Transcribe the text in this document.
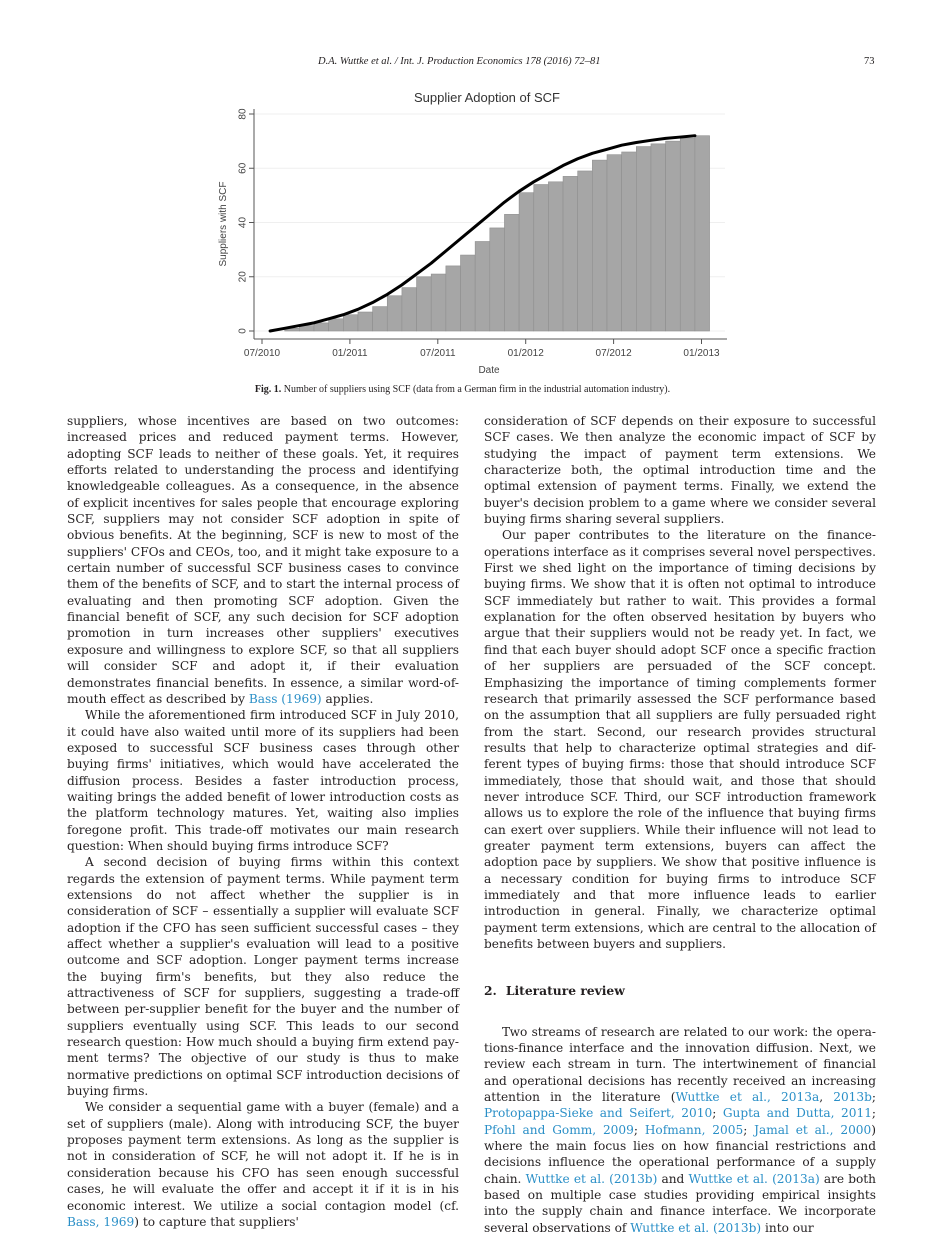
D.A. Wuttke et al. / Int. J. Production Economics 178 (2016) 72–81	73
0
20
40
60
80
07/2010	01/2011	07/2011	01/2012	07/2012	01/2013
Supplier Adoption of SCF
Date
Suppliers with SCF
Fig. 1. Number of suppliers using SCF (data from a German firm in the industrial automation industry).

suppliers, whose incentives are based on two outcomes: increased prices and reduced payment terms. However, adopting SCF leads to neither of these goals. Yet, it requires efforts related to understanding the process and identifying knowledgeable colleagues. As a consequence, in the absence of explicit incentives for sales people that encourage exploring SCF, suppliers may not consider SCF adoption in spite of obvious benefits. At the beginning, SCF is new to most of the suppliers' CFOs and CEOs, too, and it might take exposure to a certain number of successful SCF business cases to convince them of the benefits of SCF, and to start the internal process of evaluating and then promoting SCF adoption. Given the financial benefit of SCF, any such decision for SCF adoption promotion in turn increases other suppliers' executives exposure and willingness to explore SCF, so that all suppliers will consider SCF and adopt it, if their evaluation demonstrates financial benefits. In essence, a similar word-of-mouth effect as described by Bass (1969) applies.

While the aforementioned firm introduced SCF in July 2010, it could have also waited until more of its suppliers had been exposed to successful SCF business cases through other buying firms' initiatives, which would have accelerated the diffusion process. Besides a faster introduction process, waiting brings the added benefit of lower introduction costs as the platform technology matures. Yet, waiting also implies foregone profit. This trade-off motivates our main research question: When should buying firms introduce SCF?

A second decision of buying firms within this context regards the extension of payment terms. While payment term extensions do not affect whether the supplier is in consideration of SCF – essentially a supplier will evaluate SCF adoption if the CFO has seen sufficient successful cases – they affect whether a supplier's evaluation will lead to a positive outcome and SCF adoption. Longer payment terms increase the buying firm's benefits, but they also reduce the attractiveness of SCF for suppliers, suggesting a trade-off between per-supplier benefit for the buyer and the number of suppliers eventually using SCF. This leads to our second research question: How much should a buying firm extend payment terms? The objective of our study is thus to make normative predictions on optimal SCF introduction decisions of buying firms.

We consider a sequential game with a buyer (female) and a set of suppliers (male). Along with introducing SCF, the buyer proposes payment term extensions. As long as the supplier is not in consideration of SCF, he will not adopt it. If he is in consideration because his CFO has seen enough successful cases, he will evaluate the offer and accept it if it is in his economic interest. We utilize a social contagion model (cf. Bass, 1969) to capture that suppliers'

consideration of SCF depends on their exposure to successful SCF cases. We then analyze the economic impact of SCF by studying the impact of payment term extensions. We characterize both, the optimal introduction time and the optimal extension of payment terms. Finally, we extend the buyer's decision problem to a game where we consider several buying firms sharing several suppliers.

Our paper contributes to the literature on the finance-operations interface as it comprises several novel perspectives. First we shed light on the importance of timing decisions by buying firms. We show that it is often not optimal to introduce SCF immediately but rather to wait. This provides a formal explanation for the often observed hesitation by buyers who argue that their suppliers would not be ready yet. In fact, we find that each buyer should adopt SCF once a specific fraction of her suppliers are persuaded of the SCF concept. Emphasizing the importance of timing complements former research that primarily assessed the SCF performance based on the assumption that all suppliers are fully persuaded right from the start. Second, our research provides structural results that help to characterize optimal strategies and different types of buying firms: those that should introduce SCF immediately, those that should wait, and those that should never introduce SCF. Third, our SCF introduction framework allows us to explore the role of the influence that buying firms can exert over suppliers. While their influence will not lead to greater payment term extensions, buyers can affect the adoption pace by suppliers. We show that positive influence is a necessary condition for buying firms to introduce SCF immediately and that more influence leads to earlier introduction in general. Finally, we characterize optimal payment term extensions, which are central to the allocation of benefits between buyers and suppliers.

2. Literature review

Two streams of research are related to our work: the operations-finance interface and the innovation diffusion. Next, we review each stream in turn. The intertwinement of financial and operational decisions has recently received an increasing attention in the literature (Wuttke et al., 2013a, 2013b; Protopappa-Sieke and Seifert, 2010; Gupta and Dutta, 2011; Pfohl and Gomm, 2009; Hofmann, 2005; Jamal et al., 2000) where the main focus lies on how financial restrictions and decisions influence the operational performance of a supply chain. Wuttke et al. (2013b) and Wuttke et al. (2013a) are both based on multiple case studies providing empirical insights into the supply chain and finance interface. We incorporate several observations of Wuttke et al. (2013b) into our
